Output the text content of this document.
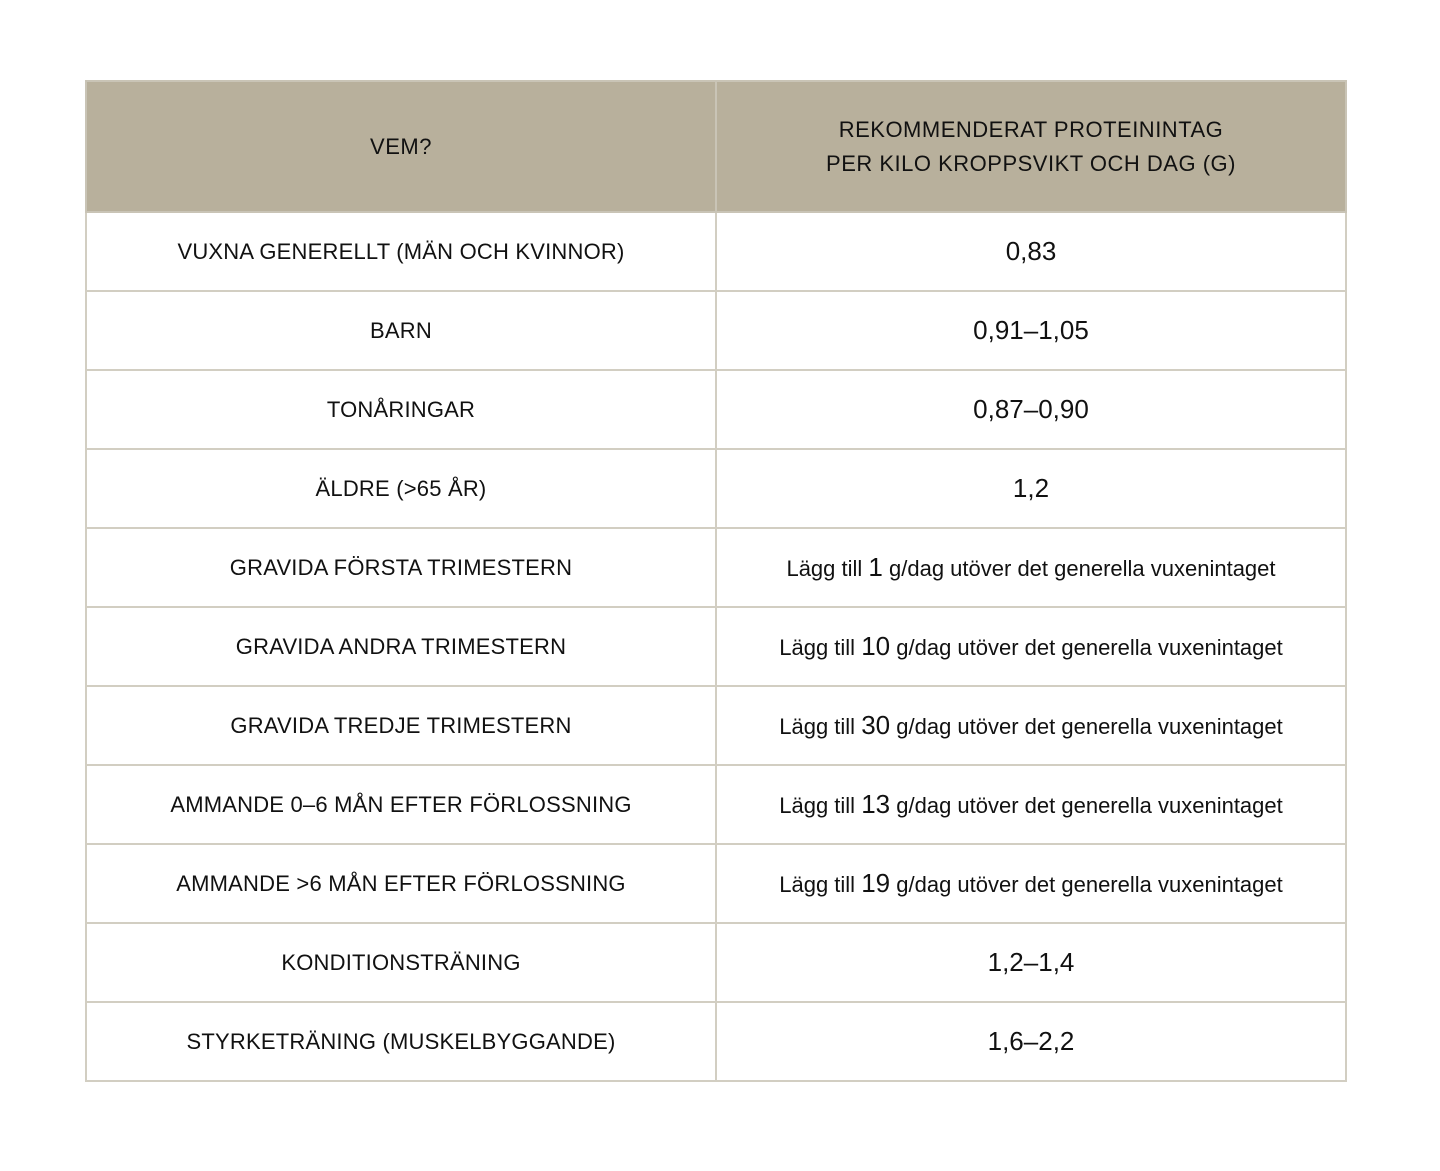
VEM?	REKOMMENDERAT PROTEININTAG
PER KILO KROPPSVIKT OCH DAG (G)

VUXNA GENERELLT (MÄN OCH KVINNOR)	0,83
BARN	0,91–1,05
TONÅRINGAR	0,87–0,90
ÄLDRE (>65 ÅR)	1,2
GRAVIDA FÖRSTA TRIMESTERN	Lägg till 1 g/dag utöver det generella vuxenintaget
GRAVIDA ANDRA TRIMESTERN	Lägg till 10 g/dag utöver det generella vuxenintaget
GRAVIDA TREDJE TRIMESTERN	Lägg till 30 g/dag utöver det generella vuxenintaget
AMMANDE 0–6 MÅN EFTER FÖRLOSSNING	Lägg till 13 g/dag utöver det generella vuxenintaget
AMMANDE >6 MÅN EFTER FÖRLOSSNING	Lägg till 19 g/dag utöver det generella vuxenintaget
KONDITIONSTRÄNING	1,2–1,4
STYRKETRÄNING (MUSKELBYGGANDE)	1,6–2,2
